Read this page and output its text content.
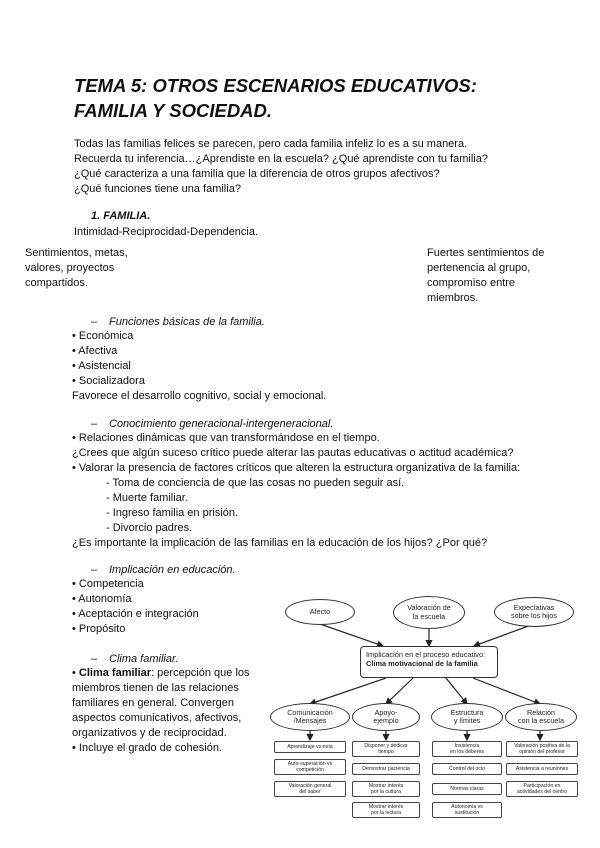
TEMA 5: OTROS ESCENARIOS EDUCATIVOS:
FAMILIA Y SOCIEDAD.
Todas las familias felices se parecen, pero cada familia infeliz lo es a su manera.
Recuerda tu inferencia…¿Aprendiste en la escuela? ¿Qué aprendiste con tu familia?
¿Qué caracteriza a una familia que la diferencia de otros grupos afectivos?
¿Qué funciones tiene una familia?
1. FAMILIA.
Intimidad-Reciprocidad-Dependencia.
Sentimientos, metas,
valores, proyectos
compartidos.
Fuertes sentimientos de
pertenencia al grupo,
compromiso entre
miembros.
– Funciones básicas de la familia.
• Económica
• Afectiva
• Asistencial
• Socializadora
Favorece el desarrollo cognitivo, social y emocional.
– Conocimiento generacional-intergeneracional.
• Relaciones dinámicas que van transformándose en el tiempo.
¿Crees que algún suceso crítico puede alterar las pautas educativas o actitud académica?
• Valorar la presencia de factores críticos que alteren la estructura organizativa de la familia:
- Toma de conciencia de que las cosas no pueden seguir así.
- Muerte familiar.
- Ingreso familia en prisión.
- Divorcio padres.
¿Es importante la implicación de las familias en la educación de los hijos? ¿Por qué?
– Implicación en educación.
• Competencia
• Autonomía
• Aceptación e integración
• Propósito
– Clima familiar.
• Clima familiar: percepción que los
miembros tienen de las relaciones
familiares en general. Convergen
aspectos comunicativos, afectivos,
organizativos y de reciprocidad.
• Incluye el grado de cohesión.
Afecto	Valoración de
la escuela
Expectativas
sobre los hijos
Implicación en el proceso educativo:
Clima motivacional de la familia
Comunicación
/Mensajes
Apoyo-
ejemplo
Estructura
y límites
Relación
con la escuela
Aprendizaje vs nota
Auto-superación vs
competición
Valoración general
del saber
Disponer y dedicar
tiempo
Demostrar paciencia
Mostrar interés
por la cultura
Mostrar interés
por la lectura
Insistencia
en los deberes
Control del ocio
Normas claras
Autonomía vs
sustitución
Valoración positiva de la
opinión del profesor
Asistencia a reuniones
Participación en
actividades del centro
